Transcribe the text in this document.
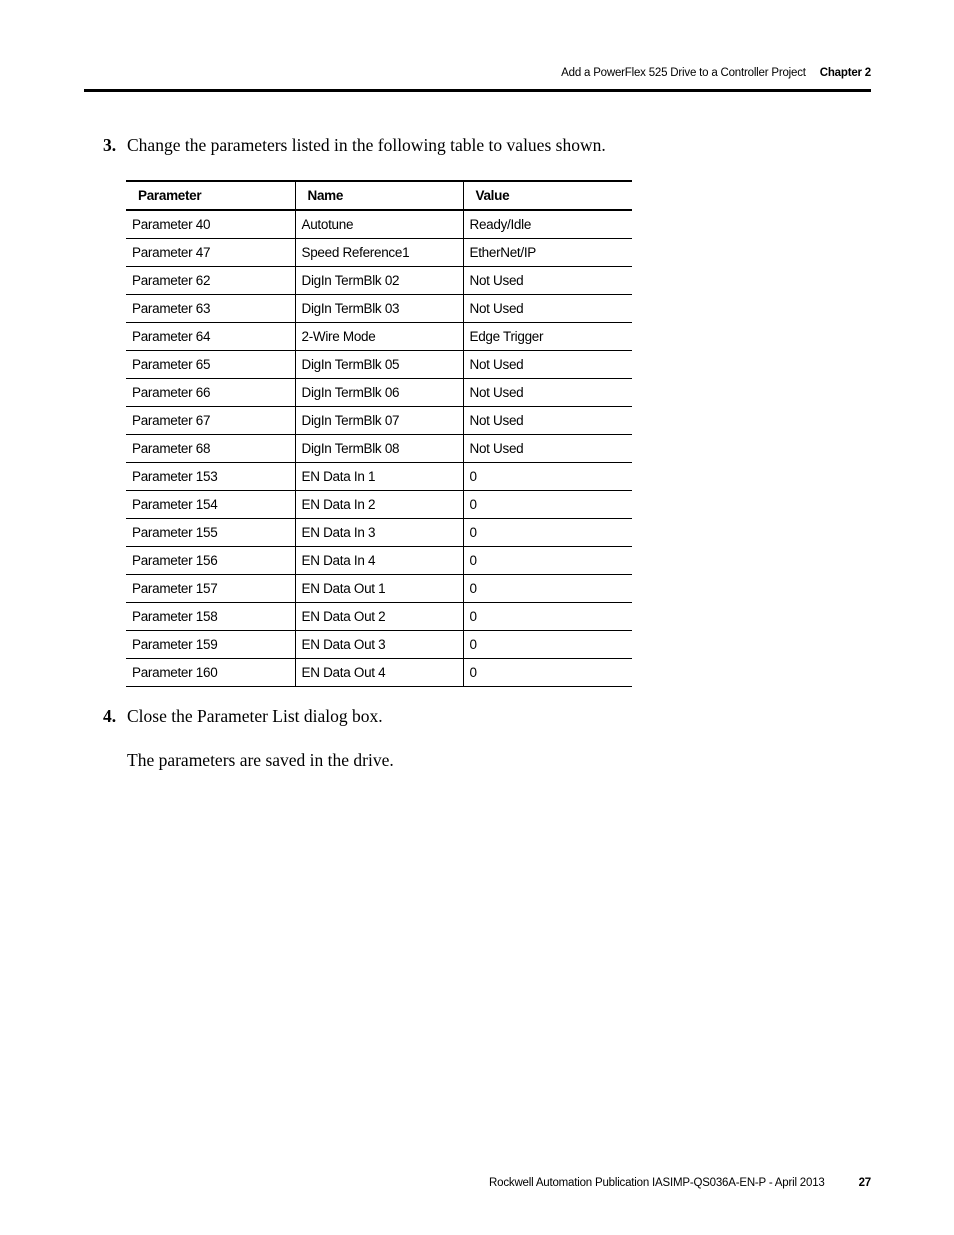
Add a PowerFlex 525 Drive to a Controller Project Chapter 2
3. Change the parameters listed in the following table to values shown.
Parameter	Name	Value
Parameter 40	Autotune	Ready/Idle
Parameter 47	Speed Reference1	EtherNet/IP
Parameter 62	DigIn TermBlk 02	Not Used
Parameter 63	DigIn TermBlk 03	Not Used
Parameter 64	2-Wire Mode	Edge Trigger
Parameter 65	DigIn TermBlk 05	Not Used
Parameter 66	DigIn TermBlk 06	Not Used
Parameter 67	DigIn TermBlk 07	Not Used
Parameter 68	DigIn TermBlk 08	Not Used
Parameter 153	EN Data In 1	0
Parameter 154	EN Data In 2	0
Parameter 155	EN Data In 3	0
Parameter 156	EN Data In 4	0
Parameter 157	EN Data Out 1	0
Parameter 158	EN Data Out 2	0
Parameter 159	EN Data Out 3	0
Parameter 160	EN Data Out 4	0
4. Close the Parameter List dialog box.
The parameters are saved in the drive.
Rockwell Automation Publication IASIMP-QS036A-EN-P - April 2013	27
